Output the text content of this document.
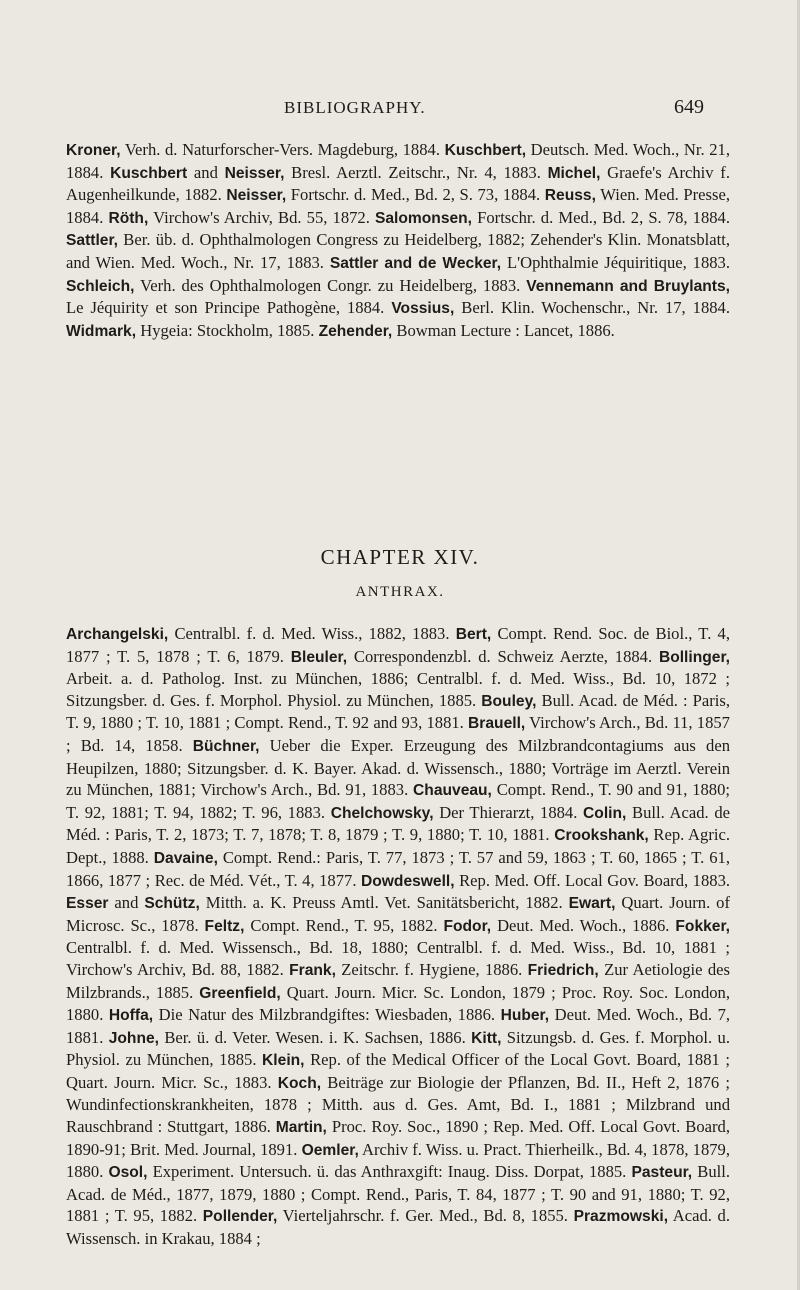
BIBLIOGRAPHY.	649
Kroner, Verh. d. Naturforscher-Vers. Magdeburg, 1884. Kuschbert, Deutsch. Med. Woch., Nr. 21, 1884. Kuschbert and Neisser, Bresl. Aerztl. Zeitschr., Nr. 4, 1883. Michel, Graefe's Archiv f. Augenheilkunde, 1882. Neisser, Fortschr. d. Med., Bd. 2, S. 73, 1884. Reuss, Wien. Med. Presse, 1884. Röth, Virchow's Archiv, Bd. 55, 1872. Salomonsen, Fortschr. d. Med., Bd. 2, S. 78, 1884. Sattler, Ber. üb. d. Ophthalmologen Congress zu Heidelberg, 1882; Zehender's Klin. Monatsblatt, and Wien. Med. Woch., Nr. 17, 1883. Sattler and de Wecker, L'Ophthalmie Jéquiritique, 1883. Schleich, Verh. des Ophthalmologen Congr. zu Heidelberg, 1883. Vennemann and Bruylants, Le Jéquirity et son Principe Pathogène, 1884. Vossius, Berl. Klin. Wochenschr., Nr. 17, 1884. Widmark, Hygeia: Stockholm, 1885. Zehender, Bowman Lecture : Lancet, 1886.
CHAPTER XIV.
ANTHRAX.
Archangelski, Centralbl. f. d. Med. Wiss., 1882, 1883. Bert, Compt. Rend. Soc. de Biol., T. 4, 1877 ; T. 5, 1878 ; T. 6, 1879. Bleuler, Correspondenzbl. d. Schweiz Aerzte, 1884. Bollinger, Arbeit. a. d. Patholog. Inst. zu München, 1886; Centralbl. f. d. Med. Wiss., Bd. 10, 1872 ; Sitzungsber. d. Ges. f. Morphol. Physiol. zu München, 1885. Bouley, Bull. Acad. de Méd. : Paris, T. 9, 1880 ; T. 10, 1881 ; Compt. Rend., T. 92 and 93, 1881. Brauell, Virchow's Arch., Bd. 11, 1857 ; Bd. 14, 1858. Büchner, Ueber die Exper. Erzeugung des Milzbrandcontagiums aus den Heupilzen, 1880; Sitzungsber. d. K. Bayer. Akad. d. Wissensch., 1880; Vorträge im Aerztl. Verein zu München, 1881; Virchow's Arch., Bd. 91, 1883. Chauveau, Compt. Rend., T. 90 and 91, 1880; T. 92, 1881; T. 94, 1882; T. 96, 1883. Chelchowsky, Der Thierarzt, 1884. Colin, Bull. Acad. de Méd. : Paris, T. 2, 1873; T. 7, 1878; T. 8, 1879 ; T. 9, 1880; T. 10, 1881. Crookshank, Rep. Agric. Dept., 1888. Davaine, Compt. Rend.: Paris, T. 77, 1873 ; T. 57 and 59, 1863 ; T. 60, 1865 ; T. 61, 1866, 1877 ; Rec. de Méd. Vét., T. 4, 1877. Dowdeswell, Rep. Med. Off. Local Gov. Board, 1883. Esser and Schütz, Mitth. a. K. Preuss Amtl. Vet. Sanitätsbericht, 1882. Ewart, Quart. Journ. of Microsc. Sc., 1878. Feltz, Compt. Rend., T. 95, 1882. Fodor, Deut. Med. Woch., 1886. Fokker, Centralbl. f. d. Med. Wissensch., Bd. 18, 1880; Centralbl. f. d. Med. Wiss., Bd. 10, 1881 ; Virchow's Archiv, Bd. 88, 1882. Frank, Zeitschr. f. Hygiene, 1886. Friedrich, Zur Aetiologie des Milzbrands., 1885. Greenfield, Quart. Journ. Micr. Sc. London, 1879 ; Proc. Roy. Soc. London, 1880. Hoffa, Die Natur des Milzbrandgiftes: Wiesbaden, 1886. Huber, Deut. Med. Woch., Bd. 7, 1881. Johne, Ber. ü. d. Veter. Wesen. i. K. Sachsen, 1886. Kitt, Sitzungsb. d. Ges. f. Morphol. u. Physiol. zu München, 1885. Klein, Rep. of the Medical Officer of the Local Govt. Board, 1881 ; Quart. Journ. Micr. Sc., 1883. Koch, Beiträge zur Biologie der Pflanzen, Bd. II., Heft 2, 1876 ; Wundinfectionskrankheiten, 1878 ; Mitth. aus d. Ges. Amt, Bd. I., 1881 ; Milzbrand und Rauschbrand : Stuttgart, 1886. Martin, Proc. Roy. Soc., 1890 ; Rep. Med. Off. Local Govt. Board, 1890-91; Brit. Med. Journal, 1891. Oemler, Archiv f. Wiss. u. Pract. Thierheilk., Bd. 4, 1878, 1879, 1880. Osol, Experiment. Untersuch. ü. das Anthraxgift: Inaug. Diss. Dorpat, 1885. Pasteur, Bull. Acad. de Méd., 1877, 1879, 1880 ; Compt. Rend., Paris, T. 84, 1877 ; T. 90 and 91, 1880; T. 92, 1881 ; T. 95, 1882. Pollender, Vierteljahrschr. f. Ger. Med., Bd. 8, 1855. Prazmowski, Acad. d. Wissensch. in Krakau, 1884 ;
